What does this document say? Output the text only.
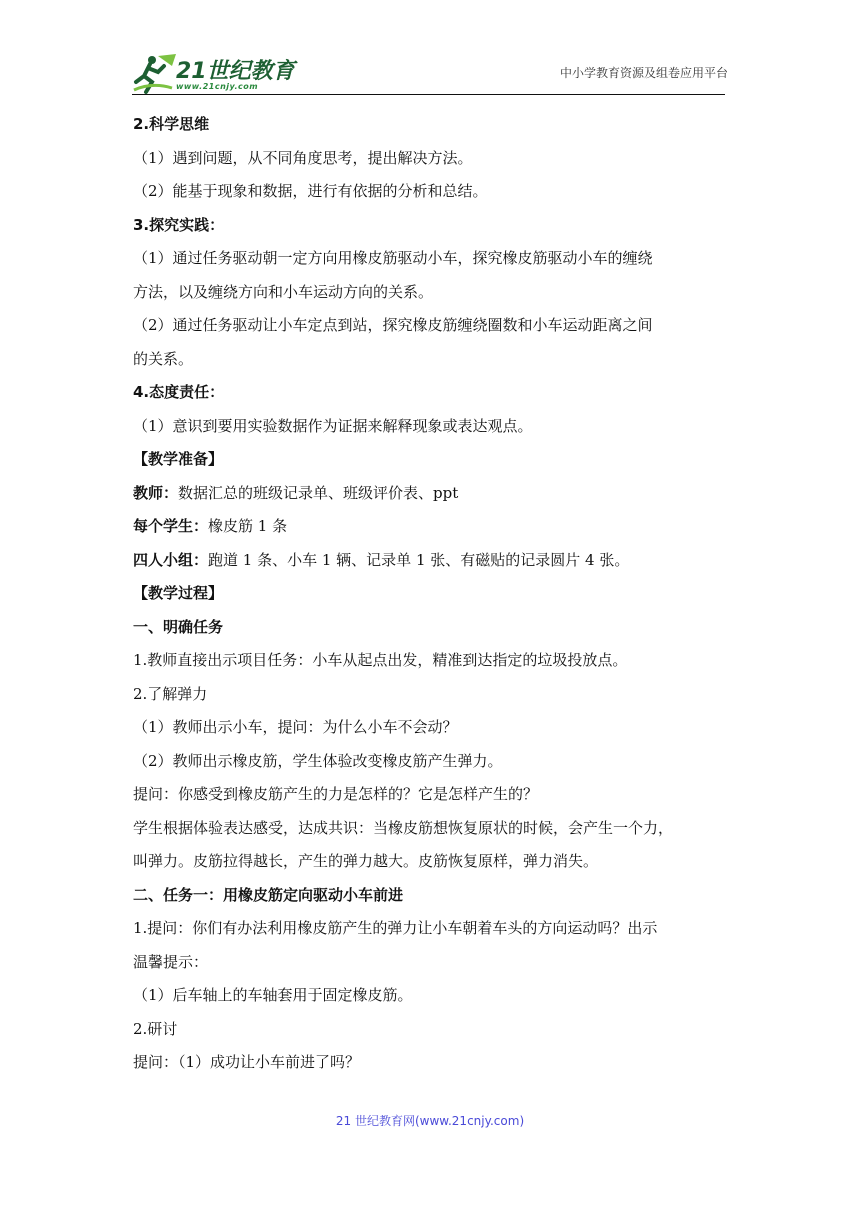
21世纪教育
www.21cnjy.com
中小学教育资源及组卷应用平台
2.科学思维
（1）遇到问题，从不同角度思考，提出解决方法。
（2）能基于现象和数据，进行有依据的分析和总结。
3.探究实践：
（1）通过任务驱动朝一定方向用橡皮筋驱动小车，探究橡皮筋驱动小车的缠绕
方法，以及缠绕方向和小车运动方向的关系。
（2）通过任务驱动让小车定点到站，探究橡皮筋缠绕圈数和小车运动距离之间
的关系。
4.态度责任：
（1）意识到要用实验数据作为证据来解释现象或表达观点。
【教学准备】
教师：数据汇总的班级记录单、班级评价表、ppt
每个学生：橡皮筋 1 条
四人小组：跑道 1 条、小车 1 辆、记录单 1 张、有磁贴的记录圆片 4 张。
【教学过程】
一、明确任务
1.教师直接出示项目任务：小车从起点出发，精准到达指定的垃圾投放点。
2.了解弹力
（1）教师出示小车，提问：为什么小车不会动？
（2）教师出示橡皮筋，学生体验改变橡皮筋产生弹力。
提问：你感受到橡皮筋产生的力是怎样的？它是怎样产生的？
学生根据体验表达感受，达成共识：当橡皮筋想恢复原状的时候，会产生一个力，
叫弹力。皮筋拉得越长，产生的弹力越大。皮筋恢复原样，弹力消失。
二、任务一：用橡皮筋定向驱动小车前进
1.提问：你们有办法利用橡皮筋产生的弹力让小车朝着车头的方向运动吗？出示
温馨提示：
（1）后车轴上的车轴套用于固定橡皮筋。
2.研讨
提问：（1）成功让小车前进了吗？
21 世纪教育网(www.21cnjy.com)
